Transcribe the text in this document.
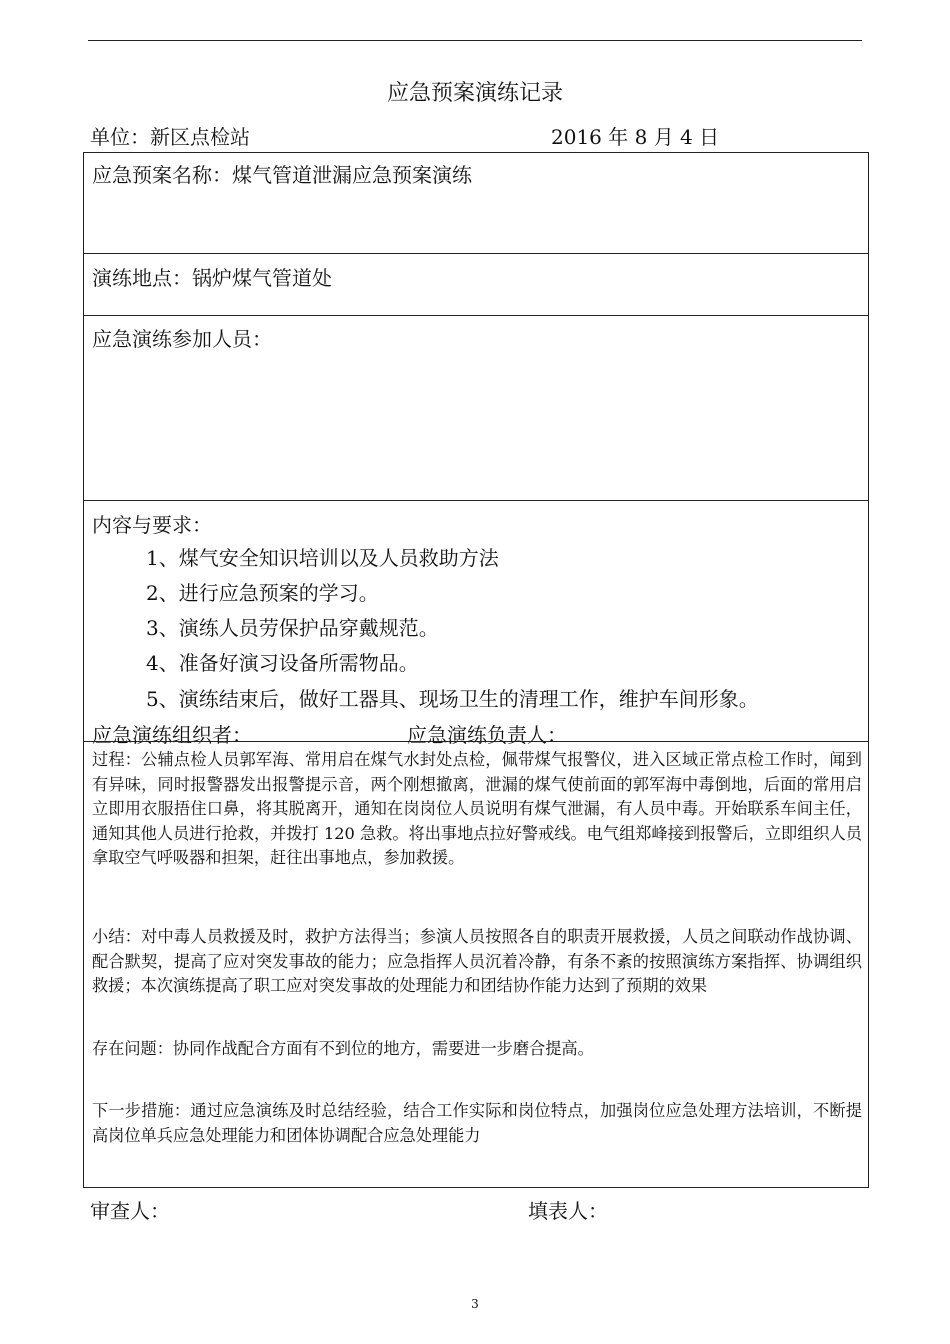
应急预案演练记录
单位：新区点检站	2016 年 8 月 4 日
应急预案名称：煤气管道泄漏应急预案演练
演练地点：锅炉煤气管道处
应急演练参加人员：
内容与要求：
1、煤气安全知识培训以及人员救助方法
2、进行应急预案的学习。
3、演练人员劳保护品穿戴规范。
4、准备好演习设备所需物品。
5、演练结束后，做好工器具、现场卫生的清理工作，维护车间形象。
应急演练组织者：	应急演练负责人：
过程：公辅点检人员郭军海、常用启在煤气水封处点检，佩带煤气报警仪，进入区域正常点检工作时，闻到有异味，同时报警器发出报警提示音，两个刚想撤离，泄漏的煤气使前面的郭军海中毒倒地，后面的常用启立即用衣服捂住口鼻，将其脱离开，通知在岗岗位人员说明有煤气泄漏，有人员中毒。开始联系车间主任，通知其他人员进行抢救，并拨打 120 急救。将出事地点拉好警戒线。电气组郑峰接到报警后，立即组织人员拿取空气呼吸器和担架，赶往出事地点，参加救援。
小结：对中毒人员救援及时，救护方法得当；参演人员按照各自的职责开展救援，人员之间联动作战协调、配合默契，提高了应对突发事故的能力；应急指挥人员沉着冷静，有条不紊的按照演练方案指挥、协调组织救援；本次演练提高了职工应对突发事故的处理能力和团结协作能力达到了预期的效果
存在问题：协同作战配合方面有不到位的地方，需要进一步磨合提高。
下一步措施：通过应急演练及时总结经验，结合工作实际和岗位特点，加强岗位应急处理方法培训，不断提高岗位单兵应急处理能力和团体协调配合应急处理能力
审查人：	填表人：
3
